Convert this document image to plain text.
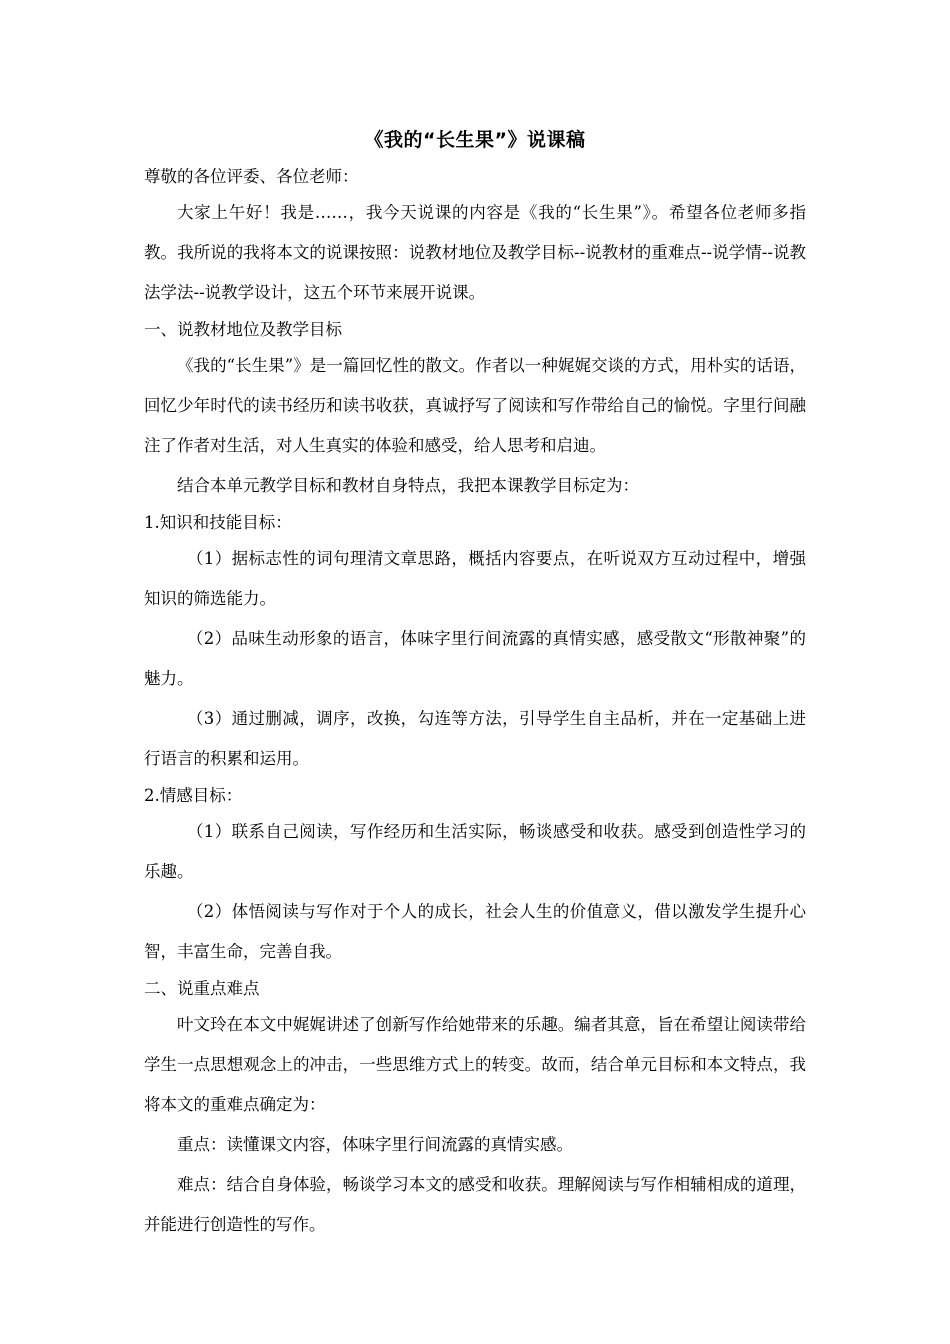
《我的“长生果”》说课稿

尊敬的各位评委、各位老师：

大家上午好！我是……，我今天说课的内容是《我的“长生果”》。希望各位老师多指教。我所说的我将本文的说课按照：说教材地位及教学目标--说教材的重难点--说学情--说教法学法--说教学设计，这五个环节来展开说课。

一、说教材地位及教学目标

《我的“长生果”》是一篇回忆性的散文。作者以一种娓娓交谈的方式，用朴实的话语，回忆少年时代的读书经历和读书收获，真诚抒写了阅读和写作带给自己的愉悦。字里行间融注了作者对生活，对人生真实的体验和感受，给人思考和启迪。

结合本单元教学目标和教材自身特点，我把本课教学目标定为：

1.知识和技能目标：

（1）据标志性的词句理清文章思路，概括内容要点，在听说双方互动过程中，增强知识的筛选能力。

（2）品味生动形象的语言，体味字里行间流露的真情实感，感受散文“形散神聚”的魅力。

（3）通过删减，调序，改换，勾连等方法，引导学生自主品析，并在一定基础上进行语言的积累和运用。

2.情感目标：

（1）联系自己阅读，写作经历和生活实际，畅谈感受和收获。感受到创造性学习的乐趣。

（2）体悟阅读与写作对于个人的成长，社会人生的价值意义，借以激发学生提升心智，丰富生命，完善自我。

二、说重点难点

叶文玲在本文中娓娓讲述了创新写作给她带来的乐趣。编者其意，旨在希望让阅读带给学生一点思想观念上的冲击，一些思维方式上的转变。故而，结合单元目标和本文特点，我将本文的重难点确定为：

重点：读懂课文内容，体味字里行间流露的真情实感。

难点：结合自身体验，畅谈学习本文的感受和收获。理解阅读与写作相辅相成的道理，并能进行创造性的写作。
